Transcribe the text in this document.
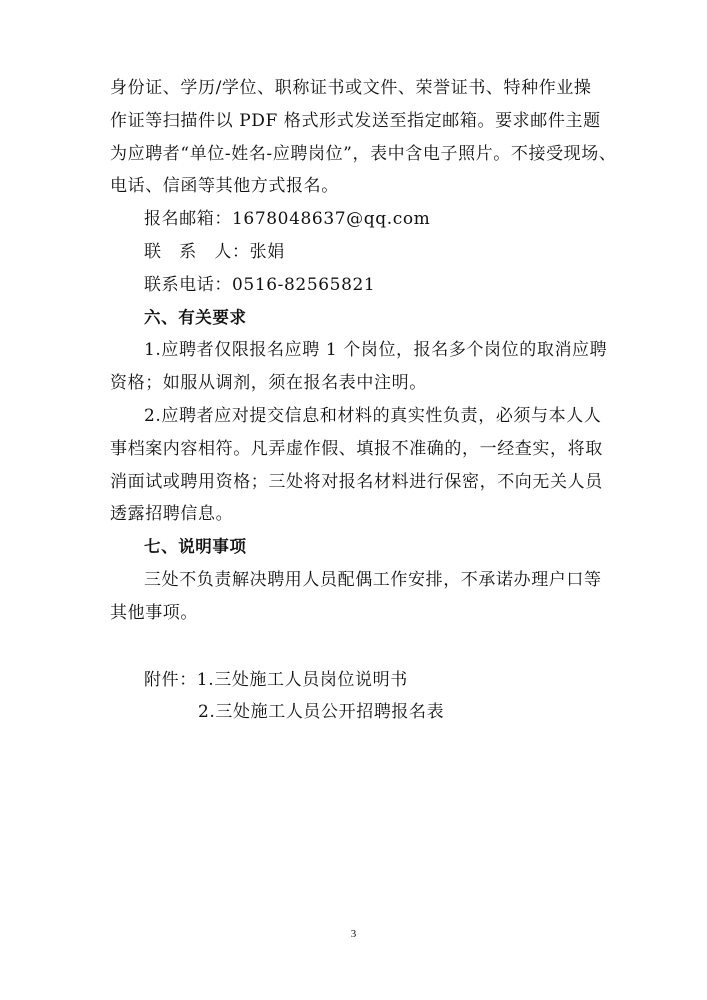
身份证、学历/学位、职称证书或文件、荣誉证书、特种作业操
作证等扫描件以 PDF 格式形式发送至指定邮箱。要求邮件主题
为应聘者“单位-姓名-应聘岗位”，表中含电子照片。不接受现场、
电话、信函等其他方式报名。
报名邮箱：1678048637@qq.com
联　系　人：张娟
联系电话：0516-82565821
六、有关要求
1.应聘者仅限报名应聘 1 个岗位，报名多个岗位的取消应聘
资格；如服从调剂，须在报名表中注明。
2.应聘者应对提交信息和材料的真实性负责，必须与本人人
事档案内容相符。凡弄虚作假、填报不准确的，一经查实，将取
消面试或聘用资格；三处将对报名材料进行保密，不向无关人员
透露招聘信息。
七、说明事项
三处不负责解决聘用人员配偶工作安排，不承诺办理户口等
其他事项。
附件：1.三处施工人员岗位说明书
2.三处施工人员公开招聘报名表
3
